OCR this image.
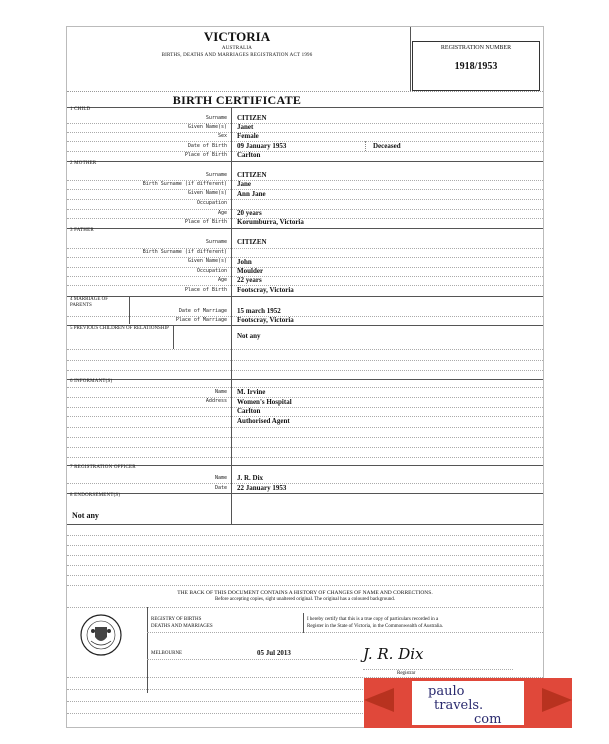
VICTORIA
AUSTRALIA
BIRTHS, DEATHS AND MARRIAGES REGISTRATION ACT 1996
REGISTRATION NUMBER
1918/1953
BIRTH CERTIFICATE
1 CHILD
Surname CITIZEN
Given Name(s) Janet
Sex Female
Date of Birth 09 January 1953	Deceased
Place of Birth Carlton
2 MOTHER
Surname CITIZEN
Birth Surname (if different) Jane
Given Name(s) Ann Jane
Occupation
Age 20 years
Place of Birth Korumburra, Victoria
3 FATHER
Surname CITIZEN
Birth Surname (if different)
Given Name(s) John
Occupation Moulder
Age 22 years
Place of Birth Footscray, Victoria
4 MARRIAGE OF PARENTS
Date of Marriage 15 march 1952
Place of Marriage Footscray, Victoria
5 PREVIOUS CHILDREN OF RELATIONSHIP
Not any
6 INFORMANT(S)
Name M. Irvine
Address Women's Hospital
Carlton
Authorised Agent
7 REGISTRATION OFFICER
Name J. R. Dix
Date 22 January 1953
8 ENDORSEMENT(S)
Not any
THE BACK OF THIS DOCUMENT CONTAINS A HISTORY OF CHANGES OF NAME AND CORRECTIONS.
Before accepting copies, sight unaltered original. The original has a coloured background.
REGISTRY OF BIRTHS
DEATHS AND MARRIAGES
I hereby certify that this is a true copy of particulars recorded in a
Register in the State of Victoria, in the Commonwealth of Australia.
MELBOURNE	05 Jul 2013	J. R. Dix
Registrar
paulo
travels.
com
